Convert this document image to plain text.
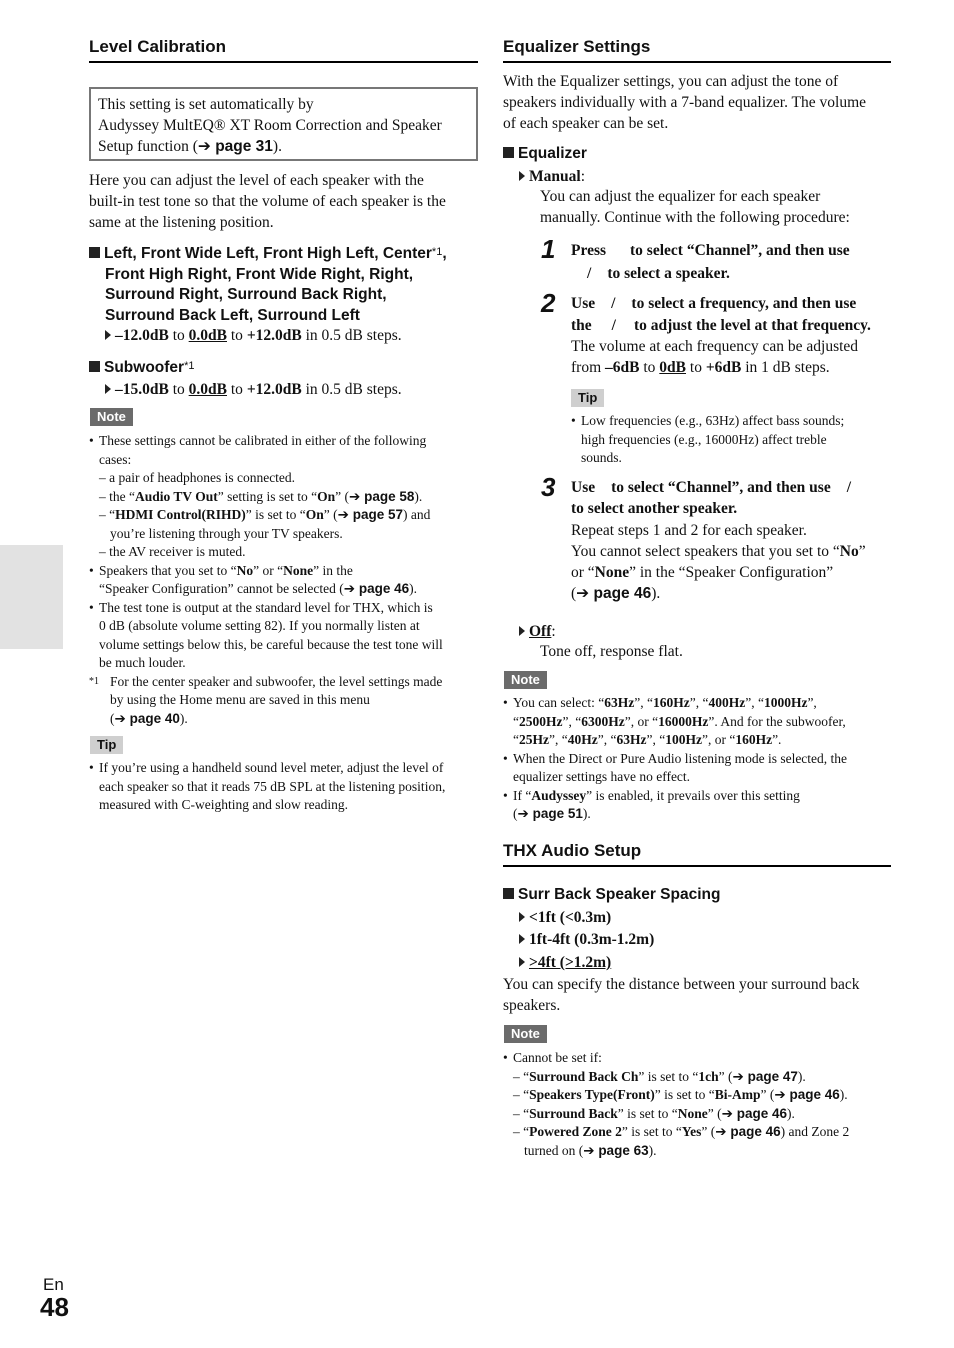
Level Calibration
This setting is set automatically by
Audyssey MultEQ® XT Room Correction and Speaker
Setup function (➔ page 31).
Here you can adjust the level of each speaker with the
built-in test tone so that the volume of each speaker is the
same at the listening position.
Left, Front Wide Left, Front High Left, Center*1,
Front High Right, Front Wide Right, Right,
Surround Right, Surround Back Right,
Surround Back Left, Surround Left
–12.0dB to 0.0dB to +12.0dB in 0.5 dB steps.
Subwoofer*1
–15.0dB to 0.0dB to +12.0dB in 0.5 dB steps.
Note
• These settings cannot be calibrated in either of the following
cases:
– a pair of headphones is connected.
– the “Audio TV Out” setting is set to “On” (➔ page 58).
– “HDMI Control(RIHD)” is set to “On” (➔ page 57) and
you’re listening through your TV speakers.
– the AV receiver is muted.
• Speakers that you set to “No” or “None” in the
“Speaker Configuration” cannot be selected (➔ page 46).
• The test tone is output at the standard level for THX, which is
0 dB (absolute volume setting 82). If you normally listen at
volume settings below this, be careful because the test tone will
be much louder.
*1 For the center speaker and subwoofer, the level settings made
by using the Home menu are saved in this menu
(➔ page 40).
Tip
• If you’re using a handheld sound level meter, adjust the level of
each speaker so that it reads 75 dB SPL at the listening position,
measured with C-weighting and slow reading.
Equalizer Settings
With the Equalizer settings, you can adjust the tone of
speakers individually with a 7-band equalizer. The volume
of each speaker can be set.
Equalizer
Manual:
You can adjust the equalizer for each speaker
manually. Continue with the following procedure:
1 Press to select “Channel”, and then use
/ to select a speaker.
2 Use / to select a frequency, and then use
the / to adjust the level at that frequency.
The volume at each frequency can be adjusted
from –6dB to 0dB to +6dB in 1 dB steps.
Tip
• Low frequencies (e.g., 63Hz) affect bass sounds;
high frequencies (e.g., 16000Hz) affect treble
sounds.
3 Use to select “Channel”, and then use /
to select another speaker.
Repeat steps 1 and 2 for each speaker.
You cannot select speakers that you set to “No”
or “None” in the “Speaker Configuration”
(➔ page 46).
Off:
Tone off, response flat.
Note
• You can select: “63Hz”, “160Hz”, “400Hz”, “1000Hz”,
“2500Hz”, “6300Hz”, or “16000Hz”. And for the subwoofer,
“25Hz”, “40Hz”, “63Hz”, “100Hz”, or “160Hz”.
• When the Direct or Pure Audio listening mode is selected, the
equalizer settings have no effect.
• If “Audyssey” is enabled, it prevails over this setting
(➔ page 51).
THX Audio Setup
Surr Back Speaker Spacing
<1ft (<0.3m)
1ft-4ft (0.3m-1.2m)
>4ft (>1.2m)
You can specify the distance between your surround back
speakers.
Note
• Cannot be set if:
– “Surround Back Ch” is set to “1ch” (➔ page 47).
– “Speakers Type(Front)” is set to “Bi-Amp” (➔ page 46).
– “Surround Back” is set to “None” (➔ page 46).
– “Powered Zone 2” is set to “Yes” (➔ page 46) and Zone 2
turned on (➔ page 63).
En
48
